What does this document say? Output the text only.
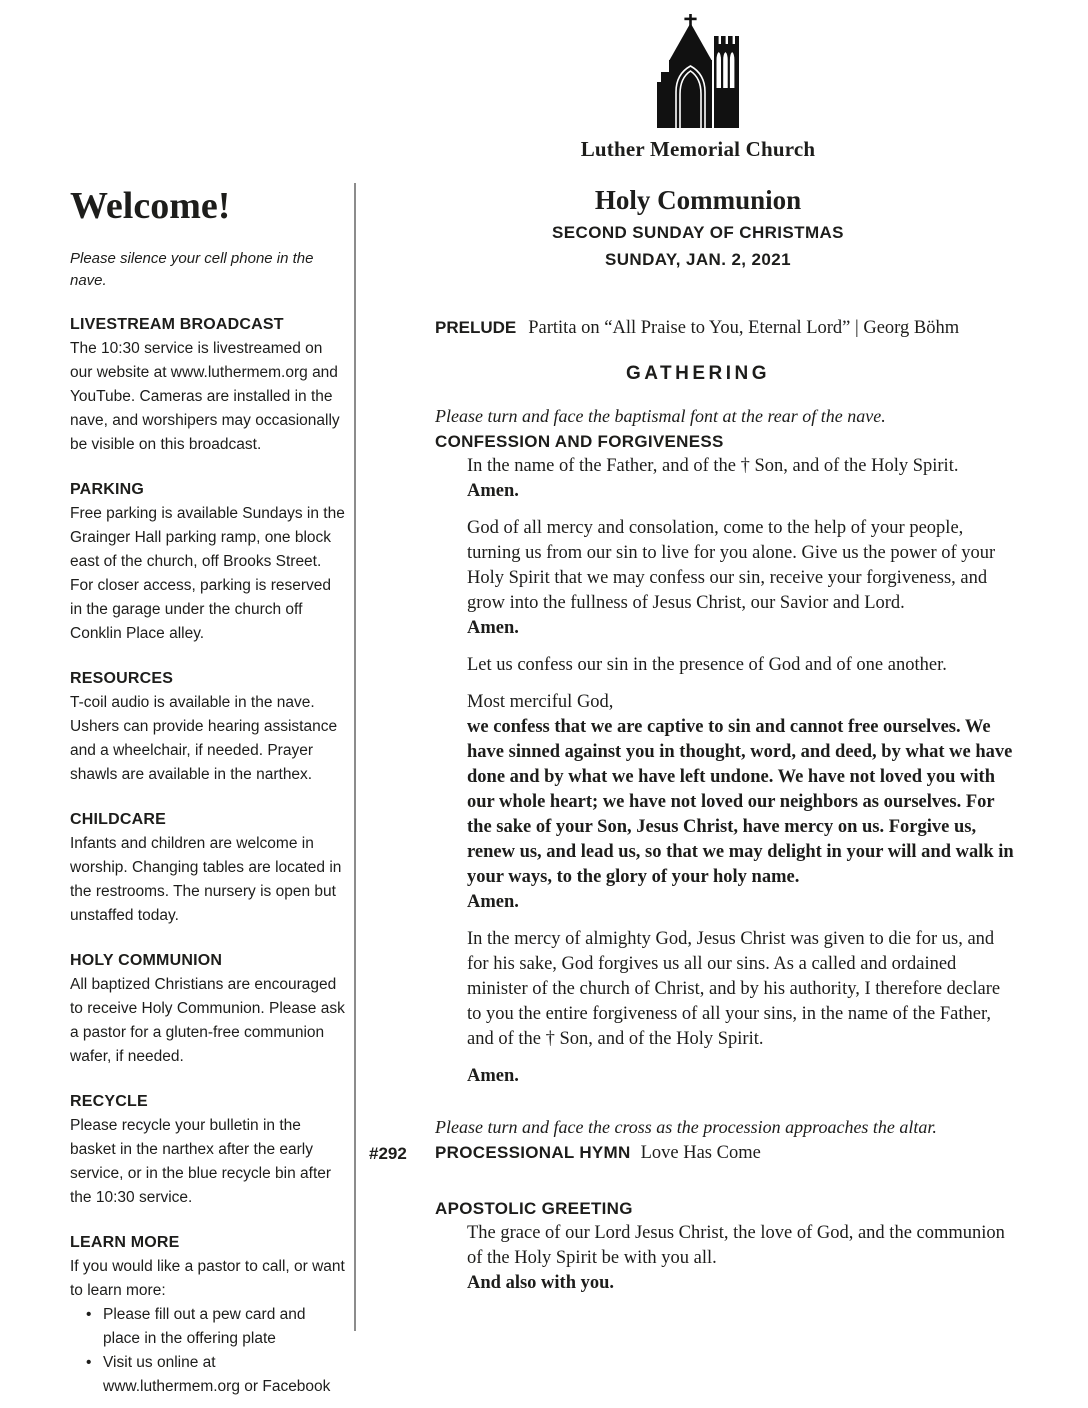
Luther Memorial Church
Welcome!

Please silence your cell phone in the nave.

LIVESTREAM BROADCAST

The 10:30 service is livestreamed on our website at www.luthermem.org and YouTube. Cameras are installed in the nave, and worshipers may occasionally be visible on this broadcast.

PARKING

Free parking is available Sundays in the Grainger Hall parking ramp, one block east of the church, off Brooks Street. For closer access, parking is reserved in the garage under the church off Conklin Place alley.

RESOURCES

T-coil audio is available in the nave. Ushers can provide hearing assistance and a wheelchair, if needed. Prayer shawls are available in the narthex.

CHILDCARE

Infants and children are welcome in worship. Changing tables are located in the restrooms. The nursery is open but unstaffed today.

HOLY COMMUNION

All baptized Christians are encouraged to receive Holy Communion. Please ask a pastor for a gluten-free communion wafer, if needed.

RECYCLE

Please recycle your bulletin in the basket in the narthex after the early service, or in the blue recycle bin after the 10:30 service.

LEARN MORE

If you would like a pastor to call, or want to learn more:

• Please fill out a pew card and place in the offering plate
• Visit us online at www.luthermem.org or Facebook
Holy Communion
SECOND SUNDAY OF CHRISTMAS
SUNDAY, JAN. 2, 2021
PRELUDE Partita on “All Praise to You, Eternal Lord” | Georg Böhm
GATHERING
Please turn and face the baptismal font at the rear of the nave.
CONFESSION AND FORGIVENESS
In the name of the Father, and of the † Son, and of the Holy Spirit.
Amen.
God of all mercy and consolation, come to the help of your people, turning us from our sin to live for you alone. Give us the power of your Holy Spirit that we may confess our sin, receive your forgiveness, and grow into the fullness of Jesus Christ, our Savior and Lord.
Amen.
Let us confess our sin in the presence of God and of one another.
Most merciful God,
we confess that we are captive to sin and cannot free ourselves. We have sinned against you in thought, word, and deed, by what we have done and by what we have left undone. We have not loved you with our whole heart; we have not loved our neighbors as ourselves. For the sake of your Son, Jesus Christ, have mercy on us. Forgive us, renew us, and lead us, so that we may delight in your will and walk in your ways, to the glory of your holy name.
Amen.
In the mercy of almighty God, Jesus Christ was given to die for us, and for his sake, God forgives us all our sins. As a called and ordained minister of the church of Christ, and by his authority, I therefore declare to you the entire forgiveness of all your sins, in the name of the Father, and of the † Son, and of the Holy Spirit.
Amen.
Please turn and face the cross as the procession approaches the altar.
#292 PROCESSIONAL HYMN Love Has Come
APOSTOLIC GREETING
The grace of our Lord Jesus Christ, the love of God, and the communion of the Holy Spirit be with you all.
And also with you.
